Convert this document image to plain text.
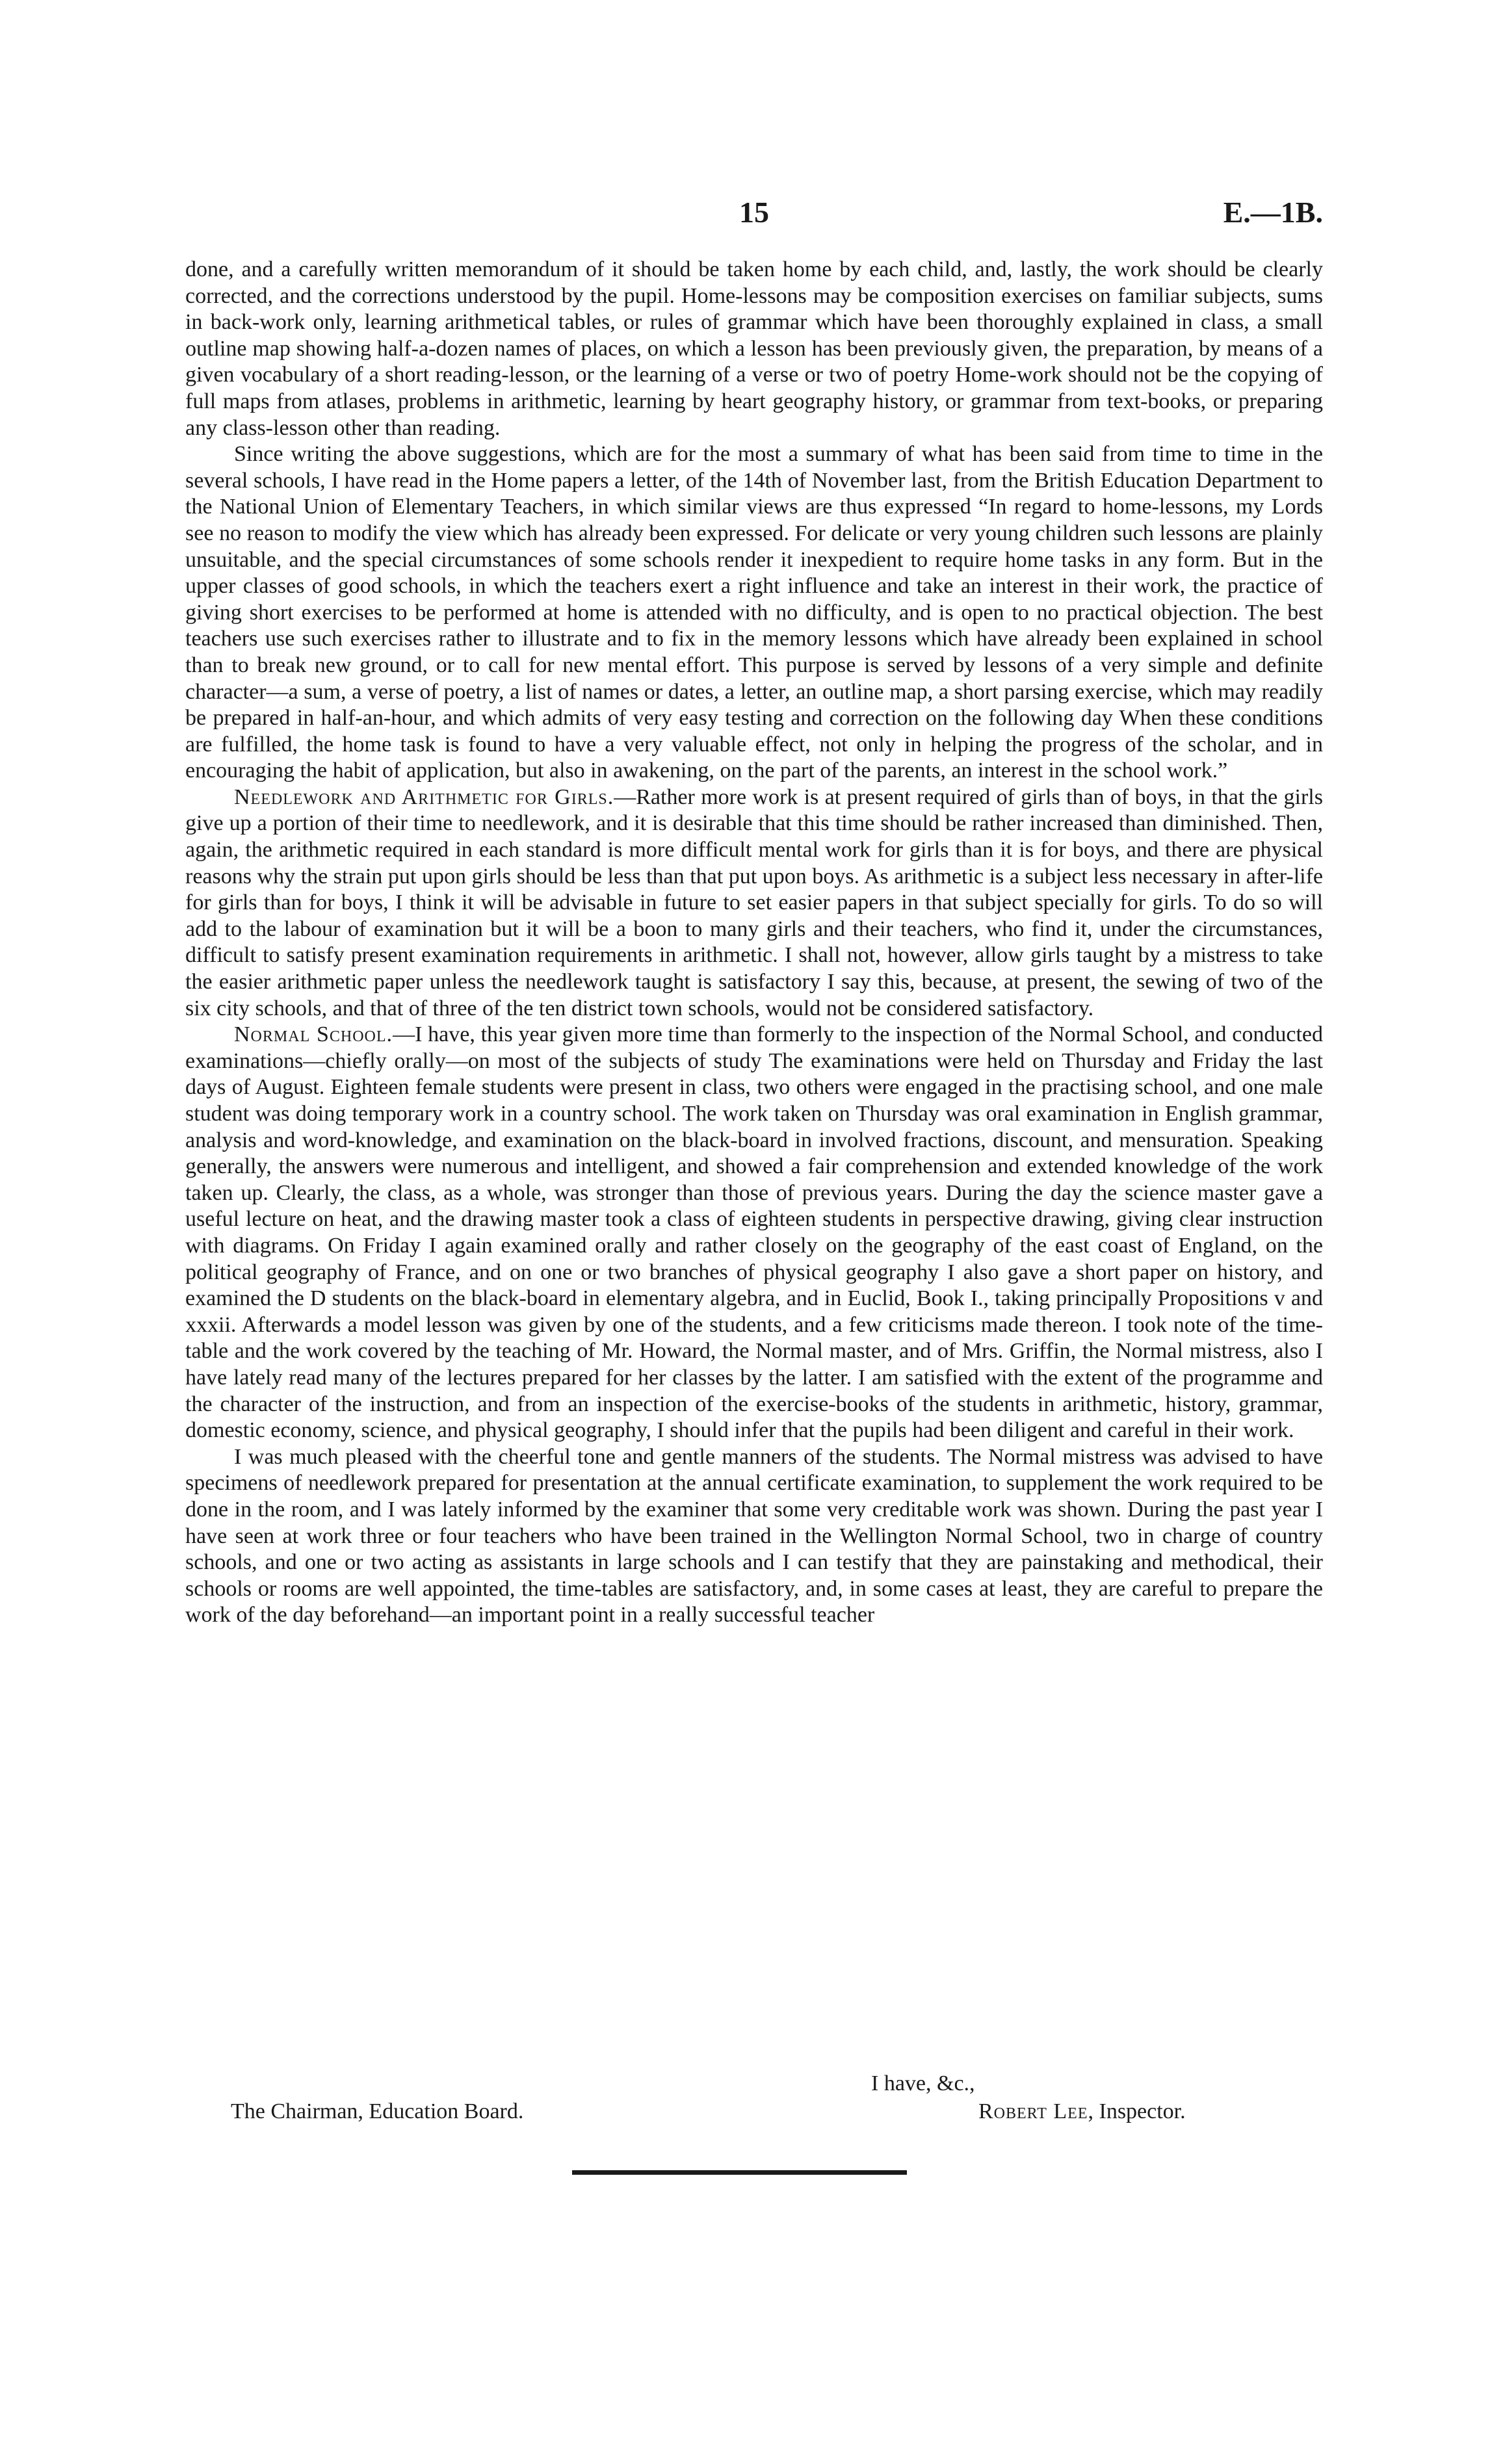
15	E.—1B.

done, and a carefully written memorandum of it should be taken home by each child, and, lastly, the work should be clearly corrected, and the corrections understood by the pupil. Home-lessons may be composition exercises on familiar subjects, sums in back-work only, learning arithmetical tables, or rules of grammar which have been thoroughly explained in class, a small outline map showing half-a-dozen names of places, on which a lesson has been previously given, the preparation, by means of a given vocabulary of a short reading-lesson, or the learning of a verse or two of poetry Home-work should not be the copying of full maps from atlases, problems in arithmetic, learning by heart geography history, or grammar from text-books, or preparing any class-lesson other than reading.

Since writing the above suggestions, which are for the most a summary of what has been said from time to time in the several schools, I have read in the Home papers a letter, of the 14th of November last, from the British Education Department to the National Union of Elementary Teachers, in which similar views are thus expressed “In regard to home-lessons, my Lords see no reason to modify the view which has already been expressed. For delicate or very young children such lessons are plainly unsuitable, and the special circumstances of some schools render it inexpedient to require home tasks in any form. But in the upper classes of good schools, in which the teachers exert a right influence and take an interest in their work, the practice of giving short exercises to be performed at home is attended with no difficulty, and is open to no practical objection. The best teachers use such exercises rather to illustrate and to fix in the memory lessons which have already been explained in school than to break new ground, or to call for new mental effort. This purpose is served by lessons of a very simple and definite character—a sum, a verse of poetry, a list of names or dates, a letter, an outline map, a short parsing exercise, which may readily be prepared in half-an-hour, and which admits of very easy testing and correction on the following day When these conditions are fulfilled, the home task is found to have a very valuable effect, not only in helping the progress of the scholar, and in encouraging the habit of application, but also in awakening, on the part of the parents, an interest in the school work.”

Needlework and Arithmetic for Girls.—Rather more work is at present required of girls than of boys, in that the girls give up a portion of their time to needlework, and it is desirable that this time should be rather increased than diminished. Then, again, the arithmetic required in each standard is more difficult mental work for girls than it is for boys, and there are physical reasons why the strain put upon girls should be less than that put upon boys. As arithmetic is a subject less necessary in after-life for girls than for boys, I think it will be advisable in future to set easier papers in that subject specially for girls. To do so will add to the labour of examination but it will be a boon to many girls and their teachers, who find it, under the circumstances, difficult to satisfy present examination requirements in arithmetic. I shall not, however, allow girls taught by a mistress to take the easier arithmetic paper unless the needlework taught is satisfactory I say this, because, at present, the sewing of two of the six city schools, and that of three of the ten district town schools, would not be considered satisfactory.

Normal School.—I have, this year given more time than formerly to the inspection of the Normal School, and conducted examinations—chiefly orally—on most of the subjects of study The examinations were held on Thursday and Friday the last days of August. Eighteen female students were present in class, two others were engaged in the practising school, and one male student was doing temporary work in a country school. The work taken on Thursday was oral examination in English grammar, analysis and word-knowledge, and examination on the black-board in involved fractions, discount, and mensuration. Speaking generally, the answers were numerous and intelligent, and showed a fair comprehension and extended knowledge of the work taken up. Clearly, the class, as a whole, was stronger than those of previous years. During the day the science master gave a useful lecture on heat, and the drawing master took a class of eighteen students in perspective drawing, giving clear instruction with diagrams. On Friday I again examined orally and rather closely on the geography of the east coast of England, on the political geography of France, and on one or two branches of physical geography I also gave a short paper on history, and examined the D students on the black-board in elementary algebra, and in Euclid, Book I., taking principally Propositions v and xxxii. Afterwards a model lesson was given by one of the students, and a few criticisms made thereon. I took note of the time-table and the work covered by the teaching of Mr. Howard, the Normal master, and of Mrs. Griffin, the Normal mistress, also I have lately read many of the lectures prepared for her classes by the latter. I am satisfied with the extent of the programme and the character of the instruction, and from an inspection of the exercise-books of the students in arithmetic, history, grammar, domestic economy, science, and physical geography, I should infer that the pupils had been diligent and careful in their work.

I was much pleased with the cheerful tone and gentle manners of the students. The Normal mistress was advised to have specimens of needlework prepared for presentation at the annual certificate examination, to supplement the work required to be done in the room, and I was lately informed by the examiner that some very creditable work was shown. During the past year I have seen at work three or four teachers who have been trained in the Wellington Normal School, two in charge of country schools, and one or two acting as assistants in large schools and I can testify that they are painstaking and methodical, their schools or rooms are well appointed, the time-tables are satisfactory, and, in some cases at least, they are careful to prepare the work of the day beforehand—an important point in a really successful teacher

I have, &c.,
The Chairman, Education Board.	Robert Lee, Inspector.
